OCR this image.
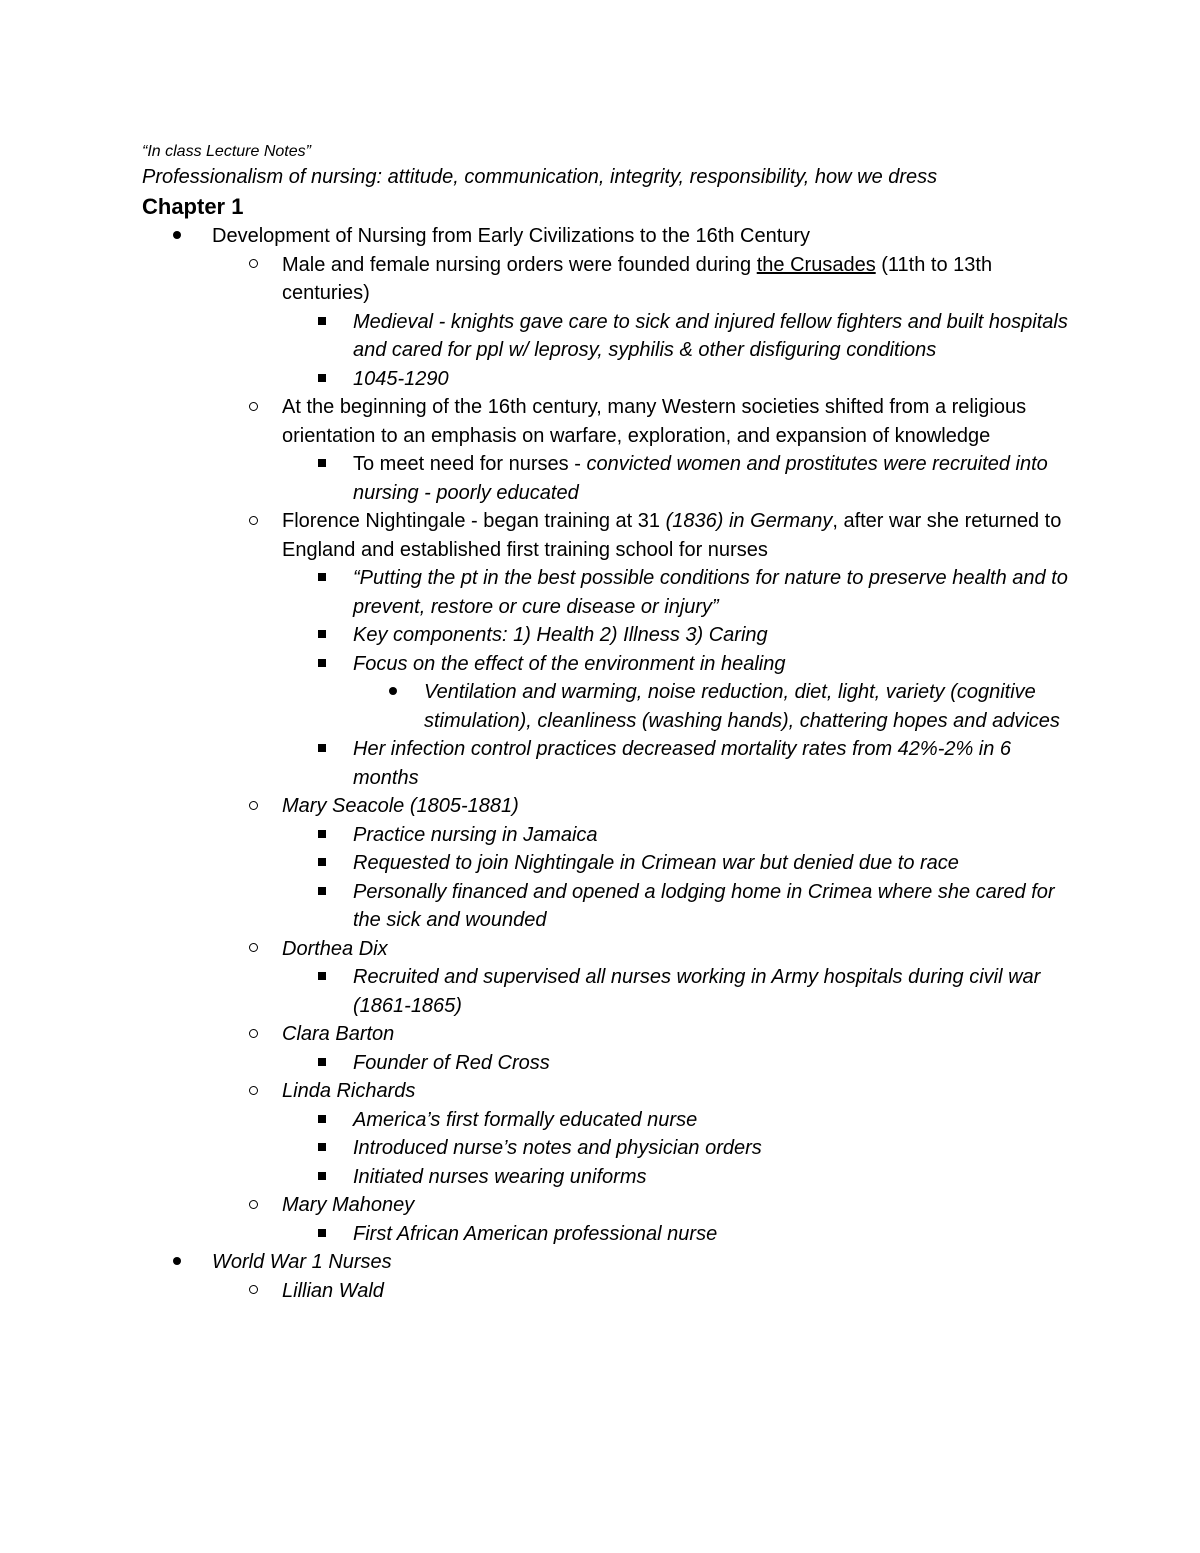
“In class Lecture Notes”

Professionalism of nursing: attitude, communication, integrity, responsibility, how we dress

Chapter 1

Development of Nursing from Early Civilizations to the 16th Century
Male and female nursing orders were founded during the Crusades (11th to 13th centuries)
Medieval - knights gave care to sick and injured fellow fighters and built hospitals and cared for ppl w/ leprosy, syphilis & other disfiguring conditions
1045-1290
At the beginning of the 16th century, many Western societies shifted from a religious orientation to an emphasis on warfare, exploration, and expansion of knowledge
To meet need for nurses - convicted women and prostitutes were recruited into nursing - poorly educated
Florence Nightingale - began training at 31 (1836) in Germany, after war she returned to England and established first training school for nurses
“Putting the pt in the best possible conditions for nature to preserve health and to prevent, restore or cure disease or injury”
Key components: 1) Health 2) Illness 3) Caring
Focus on the effect of the environment in healing
Ventilation and warming, noise reduction, diet, light, variety (cognitive stimulation), cleanliness (washing hands), chattering hopes and advices
Her infection control practices decreased mortality rates from 42%-2% in 6 months
Mary Seacole (1805-1881)
Practice nursing in Jamaica
Requested to join Nightingale in Crimean war but denied due to race
Personally financed and opened a lodging home in Crimea where she cared for the sick and wounded
Dorthea Dix
Recruited and supervised all nurses working in Army hospitals during civil war (1861-1865)
Clara Barton
Founder of Red Cross
Linda Richards
America’s first formally educated nurse
Introduced nurse’s notes and physician orders
Initiated nurses wearing uniforms
Mary Mahoney
First African American professional nurse
World War 1 Nurses
Lillian Wald
